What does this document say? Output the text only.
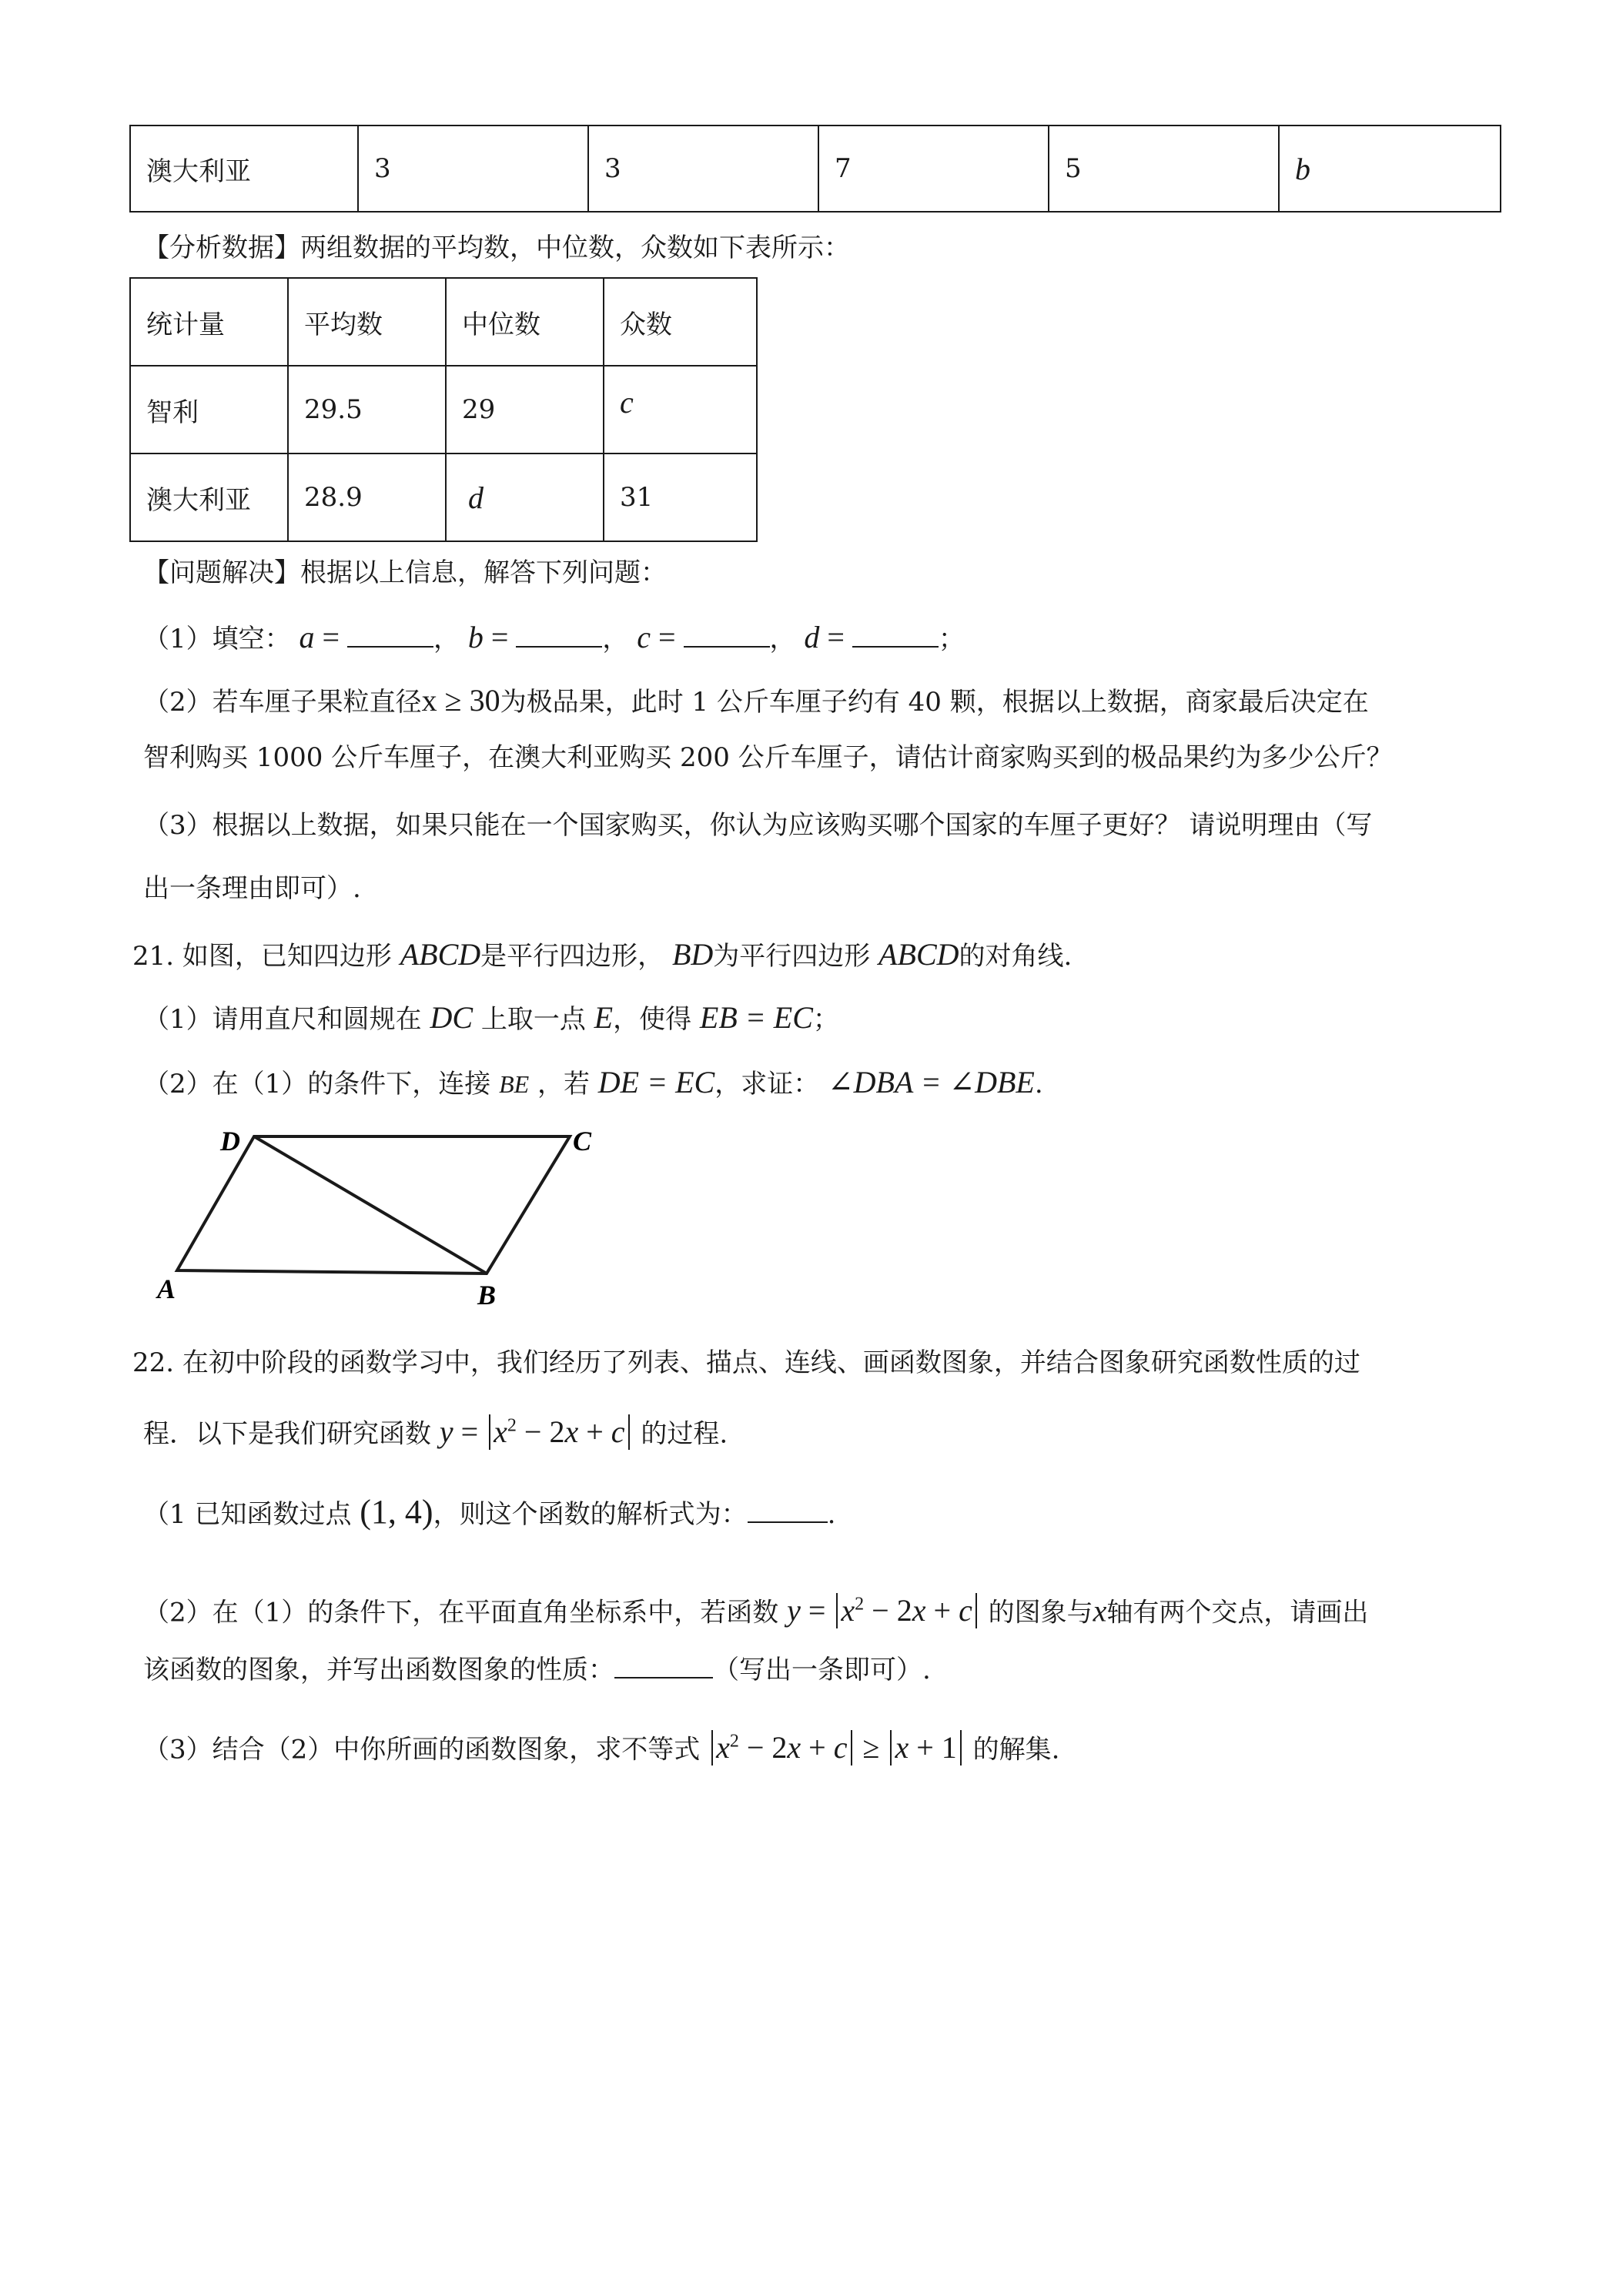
澳大利亚	3	3	7	5	b
【分析数据】两组数据的平均数，中位数，众数如下表所示：
统计量	平均数	中位数	众数
智利	29.5	29	c
澳大利亚	28.9	d	31
【问题解决】根据以上信息，解答下列问题：
（1）填空： a =	， b =	， c =	， d =	；
（2）若车厘子果粒直径x ≥ 30为极品果，此时 1 公斤车厘子约有 40 颗，根据以上数据，商家最后决定在
智利购买 1000 公斤车厘子，在澳大利亚购买 200 公斤车厘子，请估计商家购买到的极品果约为多少公斤？
（3）根据以上数据，如果只能在一个国家购买，你认为应该购买哪个国家的车厘子更好？ 请说明理由（写
出一条理由即可）.
21. 如图，已知四边形 ABCD是平行四边形， BD为平行四边形 ABCD的对角线.
（1）请用直尺和圆规在 DC 上取一点 E，使得 EB = EC；
（2）在（1）的条件下，连接 BE ，若 DE = EC，求证： ∠DBA = ∠DBE.
D	C
A	B
22. 在初中阶段的函数学习中，我们经历了列表、描点、连线、画函数图象，并结合图象研究函数性质的过
程．以下是我们研究函数 $y = x^2 - 2x + c$ 的过程.
（1 已知函数过点 (1, 4)，则这个函数的解析式为：	.
（2）在（1）的条件下，在平面直角坐标系中，若函数 $y = x^2 - 2x + c$ 的图象与x轴有两个交点，请画出
该函数的图象，并写出函数图象的性质：	（写出一条即可）.
（3）结合（2）中你所画的函数图象，求不等式 $x^2 - 2x + c \ge x + 1$ 的解集.
